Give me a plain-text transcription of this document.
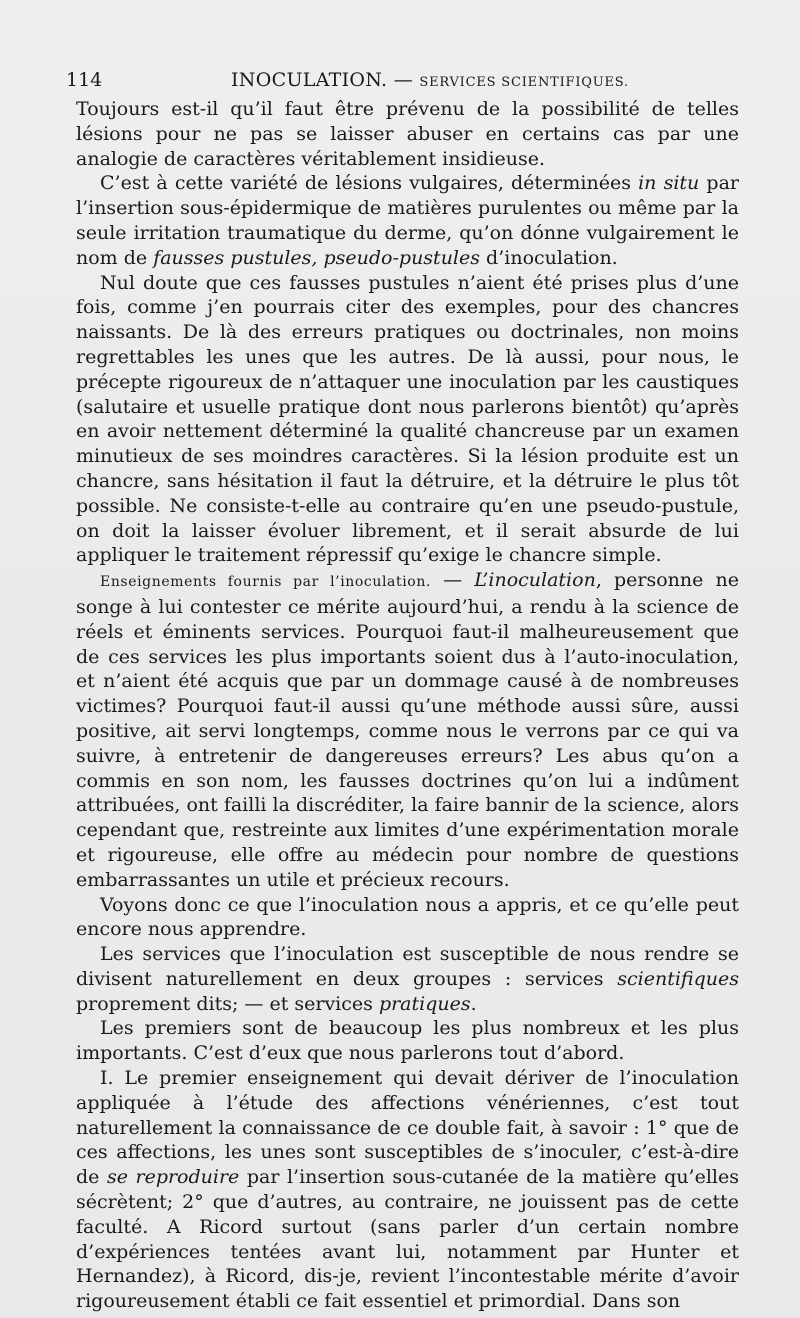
114	INOCULATION. — SERVICES SCIENTIFIQUES.

Toujours est-il qu’il faut être prévenu de la possibilité de telles lésions pour ne pas se laisser abuser en certains cas par une analogie de caractères véritablement insidieuse.

C’est à cette variété de lésions vulgaires, déterminées in situ par l’insertion sous-épidermique de matières purulentes ou même par la seule irritation traumatique du derme, qu’on dónne vulgairement le nom de fausses pustules, pseudo-pustules d’inoculation.

Nul doute que ces fausses pustules n’aient été prises plus d’une fois, comme j’en pourrais citer des exemples, pour des chancres naissants. De là des erreurs pratiques ou doctrinales, non moins regrettables les unes que les autres. De là aussi, pour nous, le précepte rigoureux de n’attaquer une inoculation par les caustiques (salutaire et usuelle pratique dont nous parlerons bientôt) qu’après en avoir nettement déterminé la qualité chancreuse par un examen minutieux de ses moindres caractères. Si la lésion produite est un chancre, sans hésitation il faut la détruire, et la détruire le plus tôt possible. Ne consiste-t-elle au contraire qu’en une pseudo-pustule, on doit la laisser évoluer librement, et il serait absurde de lui appliquer le traitement répressif qu’exige le chancre simple.

Enseignements fournis par l’inoculation. — L’inoculation, personne ne songe à lui contester ce mérite aujourd’hui, a rendu à la science de réels et éminents services. Pourquoi faut-il malheureusement que de ces services les plus importants soient dus à l’auto-inoculation, et n’aient été acquis que par un dommage causé à de nombreuses victimes? Pourquoi faut-il aussi qu’une méthode aussi sûre, aussi positive, ait servi longtemps, comme nous le verrons par ce qui va suivre, à entretenir de dangereuses erreurs? Les abus qu’on a commis en son nom, les fausses doctrines qu’on lui a indûment attribuées, ont failli la discréditer, la faire bannir de la science, alors cependant que, restreinte aux limites d’une expérimentation morale et rigoureuse, elle offre au médecin pour nombre de questions embarrassantes un utile et précieux recours.

Voyons donc ce que l’inoculation nous a appris, et ce qu’elle peut encore nous apprendre.

Les services que l’inoculation est susceptible de nous rendre se divisent naturellement en deux groupes : services scientifiques proprement dits; — et services pratiques.

Les premiers sont de beaucoup les plus nombreux et les plus importants. C’est d’eux que nous parlerons tout d’abord.

I. Le premier enseignement qui devait dériver de l’inoculation appliquée à l’étude des affections vénériennes, c’est tout naturellement la connaissance de ce double fait, à savoir : 1° que de ces affections, les unes sont susceptibles de s’inoculer, c’est-à-dire de se reproduire par l’insertion sous-cutanée de la matière qu’elles sécrètent; 2° que d’autres, au contraire, ne jouissent pas de cette faculté. A Ricord surtout (sans parler d’un certain nombre d’expériences tentées avant lui, notamment par Hunter et Hernandez), à Ricord, dis-je, revient l’incontestable mérite d’avoir rigoureusement établi ce fait essentiel et primordial. Dans son
